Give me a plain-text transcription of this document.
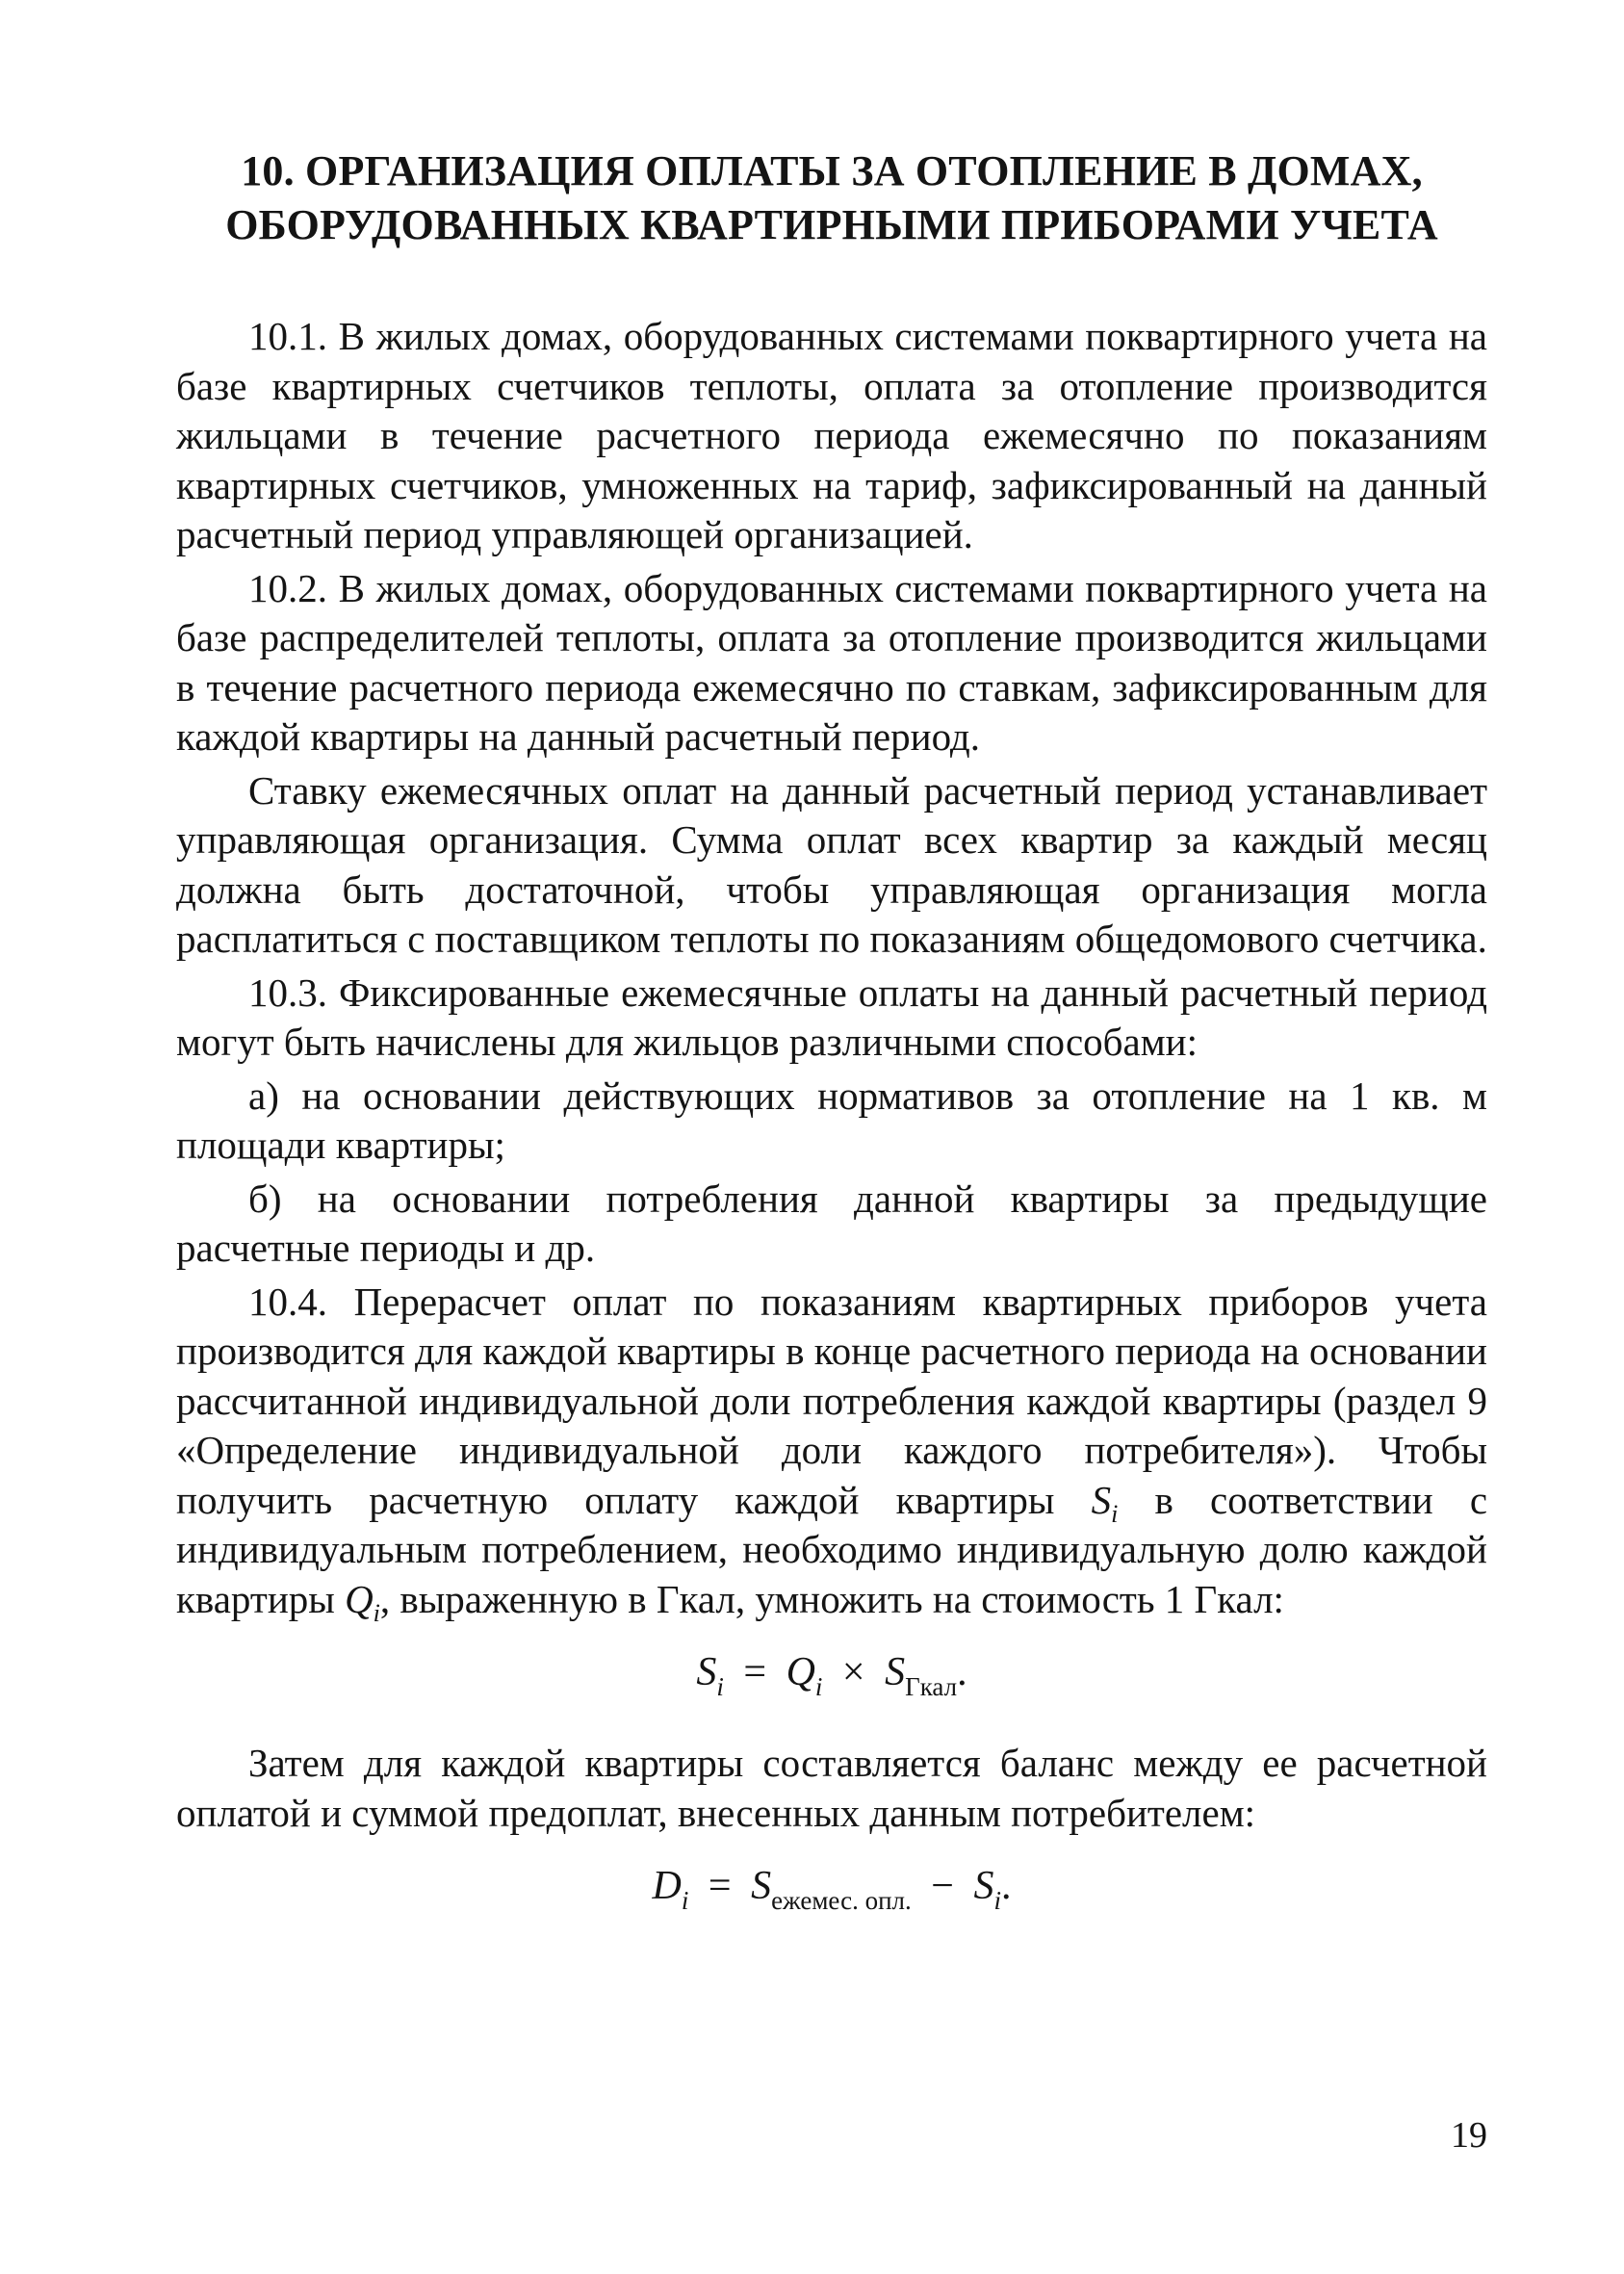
10. ОРГАНИЗАЦИЯ ОПЛАТЫ ЗА ОТОПЛЕНИЕ В ДОМАХ,
ОБОРУДОВАННЫХ КВАРТИРНЫМИ ПРИБОРАМИ УЧЕТА

10.1. В жилых домах, оборудованных системами поквартирного учета на базе квартирных счетчиков теплоты, оплата за отопление производится жильцами в течение расчетного периода ежемесячно по показаниям квартирных счетчиков, умноженных на тариф, зафиксированный на данный расчетный период управляющей организацией.

10.2. В жилых домах, оборудованных системами поквартирного учета на базе распределителей теплоты, оплата за отопление производится жильцами в течение расчетного периода ежемесячно по ставкам, зафиксированным для каждой квартиры на данный расчетный период.

Ставку ежемесячных оплат на данный расчетный период устанавливает управляющая организация. Сумма оплат всех квартир за каждый месяц должна быть достаточной, чтобы управляющая организация могла расплатиться с поставщиком теплоты по показаниям общедомового счетчика.

10.3. Фиксированные ежемесячные оплаты на данный расчетный период могут быть начислены для жильцов различными способами:

а) на основании действующих нормативов за отопление на 1 кв. м площади квартиры;

б) на основании потребления данной квартиры за предыдущие расчетные периоды и др.

10.4. Перерасчет оплат по показаниям квартирных приборов учета производится для каждой квартиры в конце расчетного периода на основании рассчитанной индивидуальной доли потребления каждой квартиры (раздел 9 «Определение индивидуальной доли каждого потребителя»). Чтобы получить расчетную оплату каждой квартиры $S_i$ в соответствии с индивидуальным потреблением, необходимо индивидуальную долю каждой квартиры $Q_i$, выраженную в Гкал, умножить на стоимость 1 Гкал:

$S_i = Q_i \times S_{Гкал}$.

Затем для каждой квартиры составляется баланс между ее расчетной оплатой и суммой предоплат, внесенных данным потребителем:

$D_i = S_{ежемес. опл.} - S_i$.
19
